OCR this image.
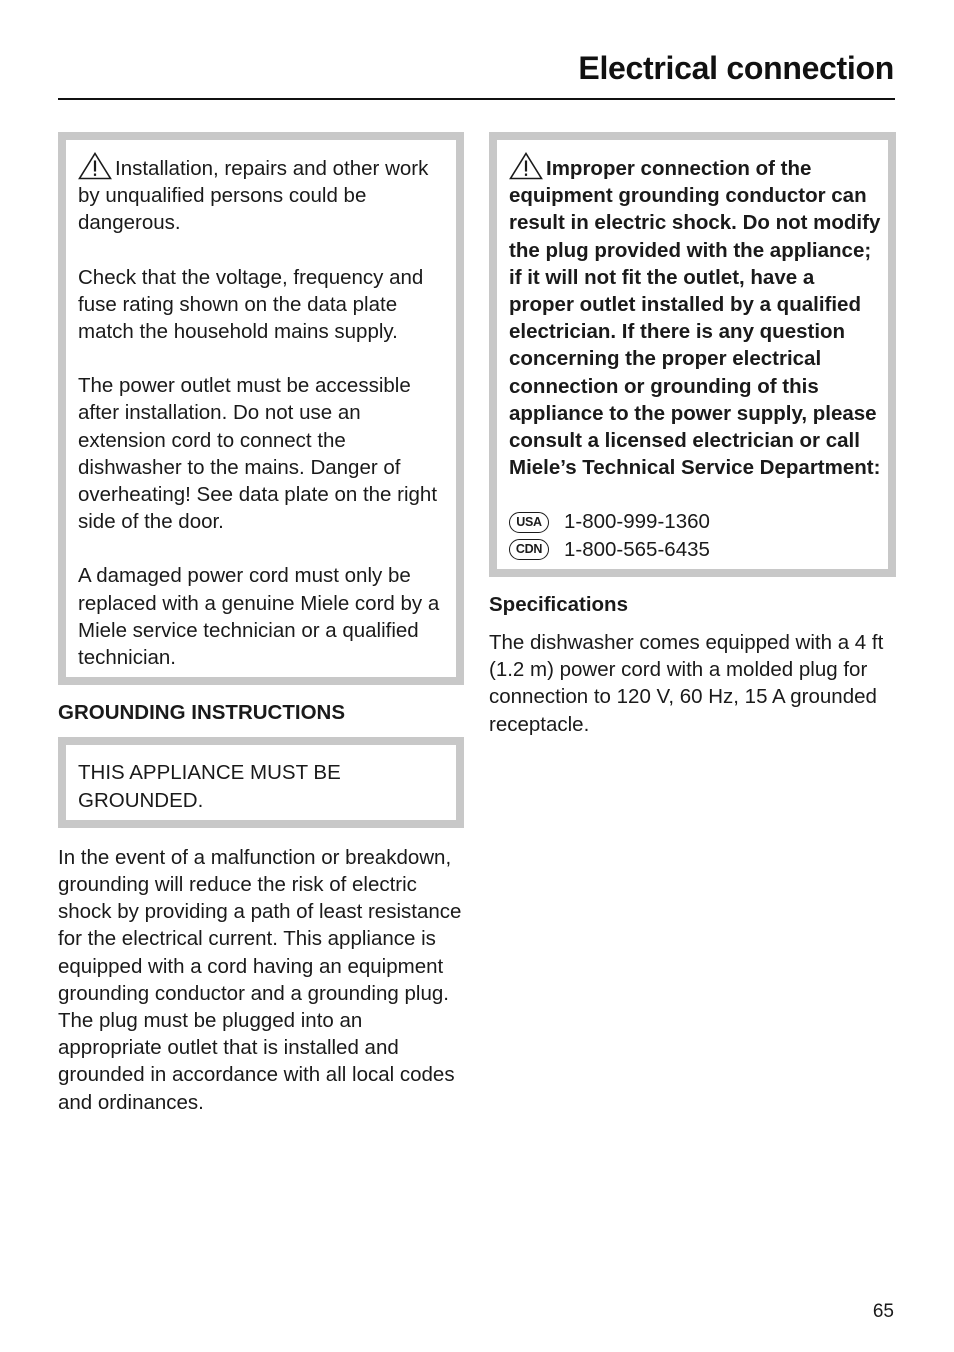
Electrical connection

Installation, repairs and other work by unqualified persons could be dangerous.

Check that the voltage, frequency and fuse rating shown on the data plate match the household mains supply.

The power outlet must be accessible after installation. Do not use an extension cord to connect the dishwasher to the mains. Danger of overheating! See data plate on the right side of the door.

A damaged power cord must only be replaced with a genuine Miele cord by a Miele service technician or a qualified technician.

GROUNDING INSTRUCTIONS

THIS APPLIANCE MUST BE GROUNDED.

In the event of a malfunction or breakdown, grounding will reduce the risk of electric shock by providing a path of least resistance for the electrical current. This appliance is equipped with a cord having an equipment grounding conductor and a grounding plug. The plug must be plugged into an appropriate outlet that is installed and grounded in accordance with all local codes and ordinances.

Improper connection of the equipment grounding conductor can result in electric shock. Do not modify the plug provided with the appliance; if it will not fit the outlet, have a proper outlet installed by a qualified electrician. If there is any question concerning the proper electrical connection or grounding of this appliance to the power supply, please consult a licensed electrician or call Miele’s Technical Service Department:

USA	1-800-999-1360
CDN	1-800-565-6435
Specifications

The dishwasher comes equipped with a 4 ft (1.2 m) power cord with a molded plug for connection to 120 V, 60 Hz, 15 A grounded receptacle.

65
